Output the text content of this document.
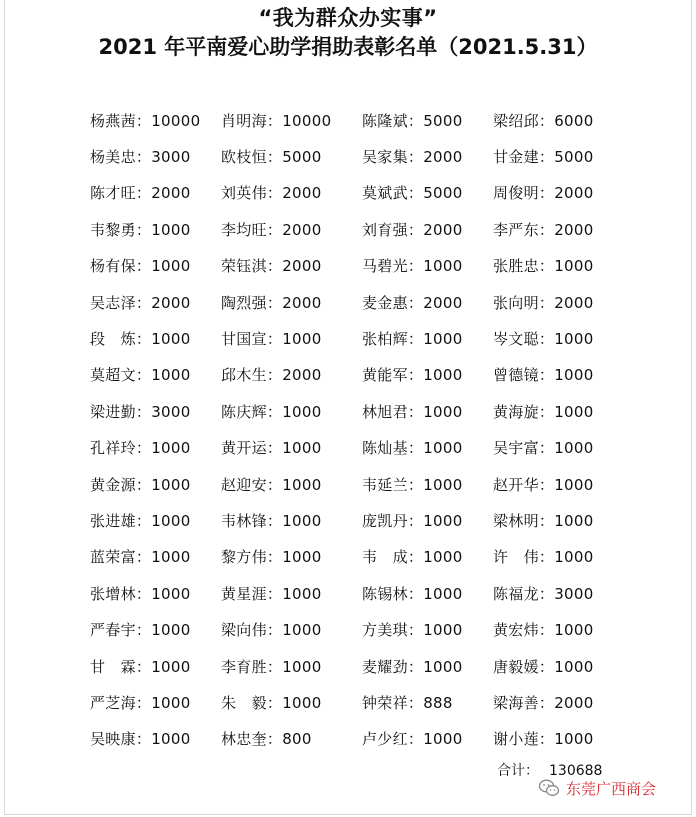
“我为群众办实事”
2021 年平南爱心助学捐助表彰名单（2021.5.31）
杨燕茜：10000	肖明海：10000	陈隆斌：5000	梁绍邱：6000
杨美忠：3000	欧枝恒：5000	吴家集：2000	甘金建：5000
陈才旺：2000	刘英伟：2000	莫斌武：5000	周俊明：2000
韦黎勇：1000	李均旺：2000	刘育强：2000	李严东：2000
杨有保：1000	荣钰淇：2000	马碧光：1000	张胜忠：1000
吴志泽：2000	陶烈强：2000	麦金惠：2000	张向明：2000
段　炼：1000	甘国宣：1000	张柏辉：1000	岑文聪：1000
莫超文：1000	邱木生：2000	黄能军：1000	曾德镜：1000
梁进勤：3000	陈庆辉：1000	林旭君：1000	黄海旋：1000
孔祥玲：1000	黄开运：1000	陈灿基：1000	吴宇富：1000
黄金源：1000	赵迎安：1000	韦延兰：1000	赵开华：1000
张进雄：1000	韦林锋：1000	庞凯丹：1000	梁林明：1000
蓝荣富：1000	黎方伟：1000	韦　成：1000	许　伟：1000
张增林：1000	黄星涯：1000	陈锡林：1000	陈福龙：3000
严春宇：1000	梁向伟：1000	方美琪：1000	黄宏炜：1000
甘　霖：1000	李育胜：1000	麦耀劲：1000	唐毅媛：1000
严芝海：1000	朱　毅：1000	钟荣祥：888	梁海善：2000
吴映康：1000	林忠奎：800	卢少红：1000	谢小莲：1000
合计： 130688
东莞广西商会
